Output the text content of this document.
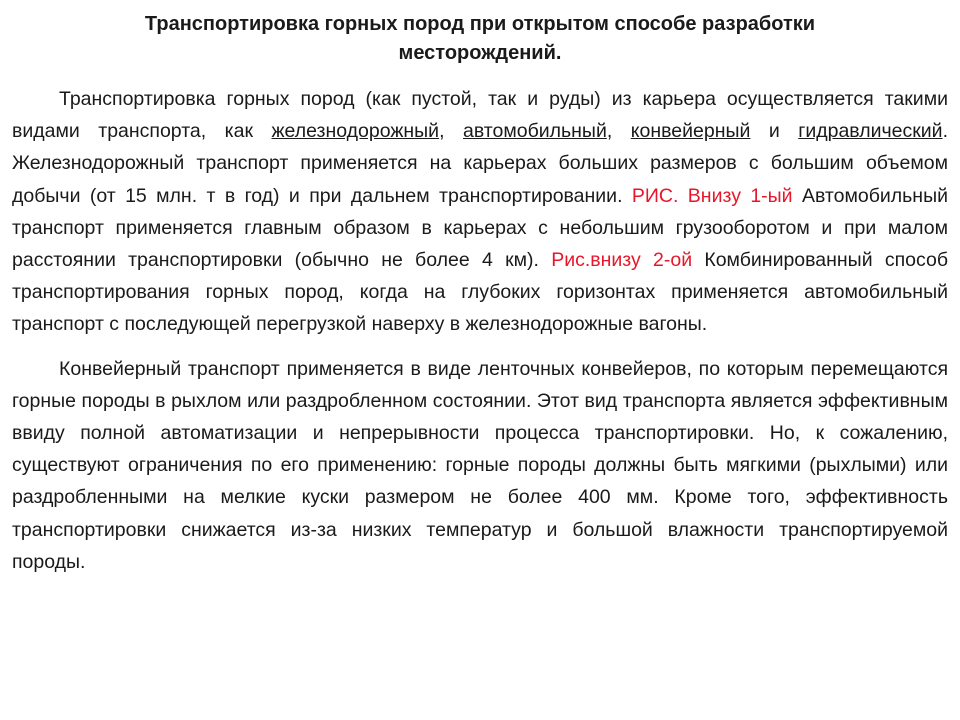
Транспортировка горных пород при открытом способе разработки
месторождений.

Транспортировка горных пород (как пустой, так и руды) из карьера осуществляется такими видами транспорта, как железнодорожный, автомобильный, конвейерный и гидравлический. Железнодорожный транспорт применяется на карьерах больших размеров с большим объемом добычи (от 15 млн. т в год) и при дальнем транспортировании. РИС. Внизу 1-ый Автомобильный транспорт применяется главным образом в карьерах с небольшим грузооборотом и при малом расстоянии транспортировки (обычно не более 4 км). Рис.внизу 2-ой Комбинированный способ транспортирования горных пород, когда на глубоких горизонтах применяется автомобильный транспорт с последующей перегрузкой наверху в железнодорожные вагоны.

Конвейерный транспорт применяется в виде ленточных конвейеров, по которым перемещаются горные породы в рыхлом или раздробленном состоянии. Этот вид транспорта является эффективным ввиду полной автоматизации и непрерывности процесса транспортировки. Но, к сожалению, существуют ограничения по его применению: горные породы должны быть мягкими (рыхлыми) или раздробленными на мелкие куски размером не более 400 мм. Кроме того, эффективность транспортировки снижается из-за низких температур и большой влажности транспортируемой породы.
